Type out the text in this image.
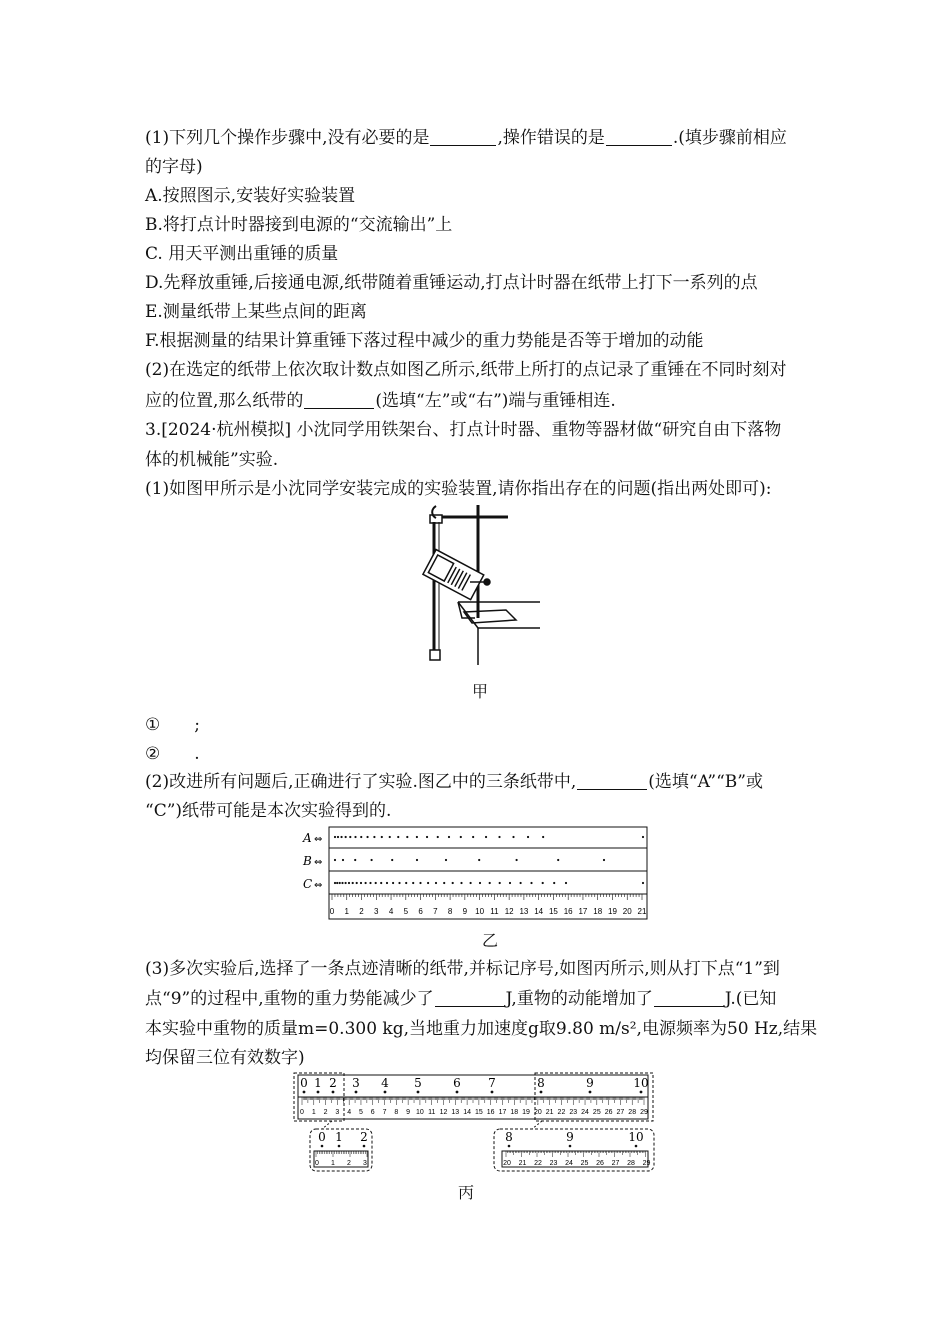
(1)下列几个操作步骤中,没有必要的是	,操作错误的是	.(填步骤前相应
的字母)
A.按照图示,安装好实验装置
B.将打点计时器接到电源的“交流输出”上
C. 用天平测出重锤的质量
D.先释放重锤,后接通电源,纸带随着重锤运动,打点计时器在纸带上打下一系列的点
E.测量纸带上某些点间的距离
F.根据测量的结果计算重锤下落过程中减少的重力势能是否等于增加的动能
(2)在选定的纸带上依次取计数点如图乙所示,纸带上所打的点记录了重锤在不同时刻对
应的位置,那么纸带的	(选填“左”或“右”)端与重锤相连.
3.[2024·杭州模拟] 小沈同学用铁架台、打点计时器、重物等器材做“研究自由下落物
体的机械能”实验.
(1)如图甲所示是小沈同学安装完成的实验装置,请你指出存在的问题(指出两处即可):
甲
① ;
② .
(2)改进所有问题后,正确进行了实验.图乙中的三条纸带中,	(选填“A”“B”或
“C”)纸带可能是本次实验得到的.
A
B
C
⇔
⇔
⇔
0 1 2 3 4 5 6 7 8 9 10 11 12 13 14 15 16 17 18 19 20 21
乙
(3)多次实验后,选择了一条点迹清晰的纸带,并标记序号,如图丙所示,则从打下点“1”到
点“9”的过程中,重物的重力势能减少了	J,重物的动能增加了	J.(已知
本实验中重物的质量m=0.300 kg,当地重力加速度g取9.80 m/s²,电源频率为50 Hz,结果
均保留三位有效数字)
0 1 2 3 4 5	6 7	8	9	10
0 1 2 3 4 5 6 7 8 9 10 11 12 13 14 15 16 17 18 19 20 21 22 23 24 25 26 27 28 29
0 1 2
0 1 2 3
8	9	10
20 21 22 23 24 25 26 27 28 29
丙
